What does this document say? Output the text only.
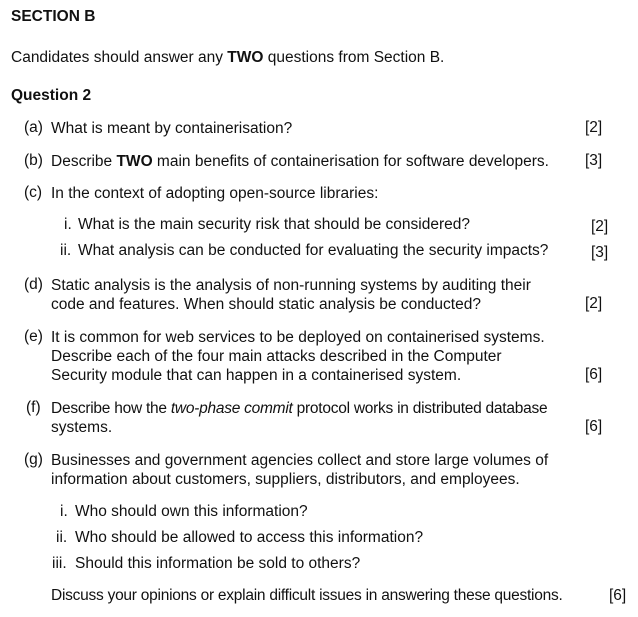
SECTION B
Candidates should answer any TWO questions from Section B.
Question 2
(a) What is meant by containerisation?	[2]
(b) Describe TWO main benefits of containerisation for software developers. [3]
(c) In the context of adopting open-source libraries:
i. What is the main security risk that should be considered?	[2]
ii. What analysis can be conducted for evaluating the security impacts?	[3]
(d) Static analysis is the analysis of non-running systems by auditing their
code and features. When should static analysis be conducted?	[2]
(e) It is common for web services to be deployed on containerised systems.
Describe each of the four main attacks described in the Computer
Security module that can happen in a containerised system.	[6]
(f) Describe how the two-phase commit protocol works in distributed database
systems.	[6]
(g) Businesses and government agencies collect and store large volumes of
information about customers, suppliers, distributors, and employees.
i. Who should own this information?
ii. Who should be allowed to access this information?
iii. Should this information be sold to others?
Discuss your opinions or explain difficult issues in answering these questions.	[6]
